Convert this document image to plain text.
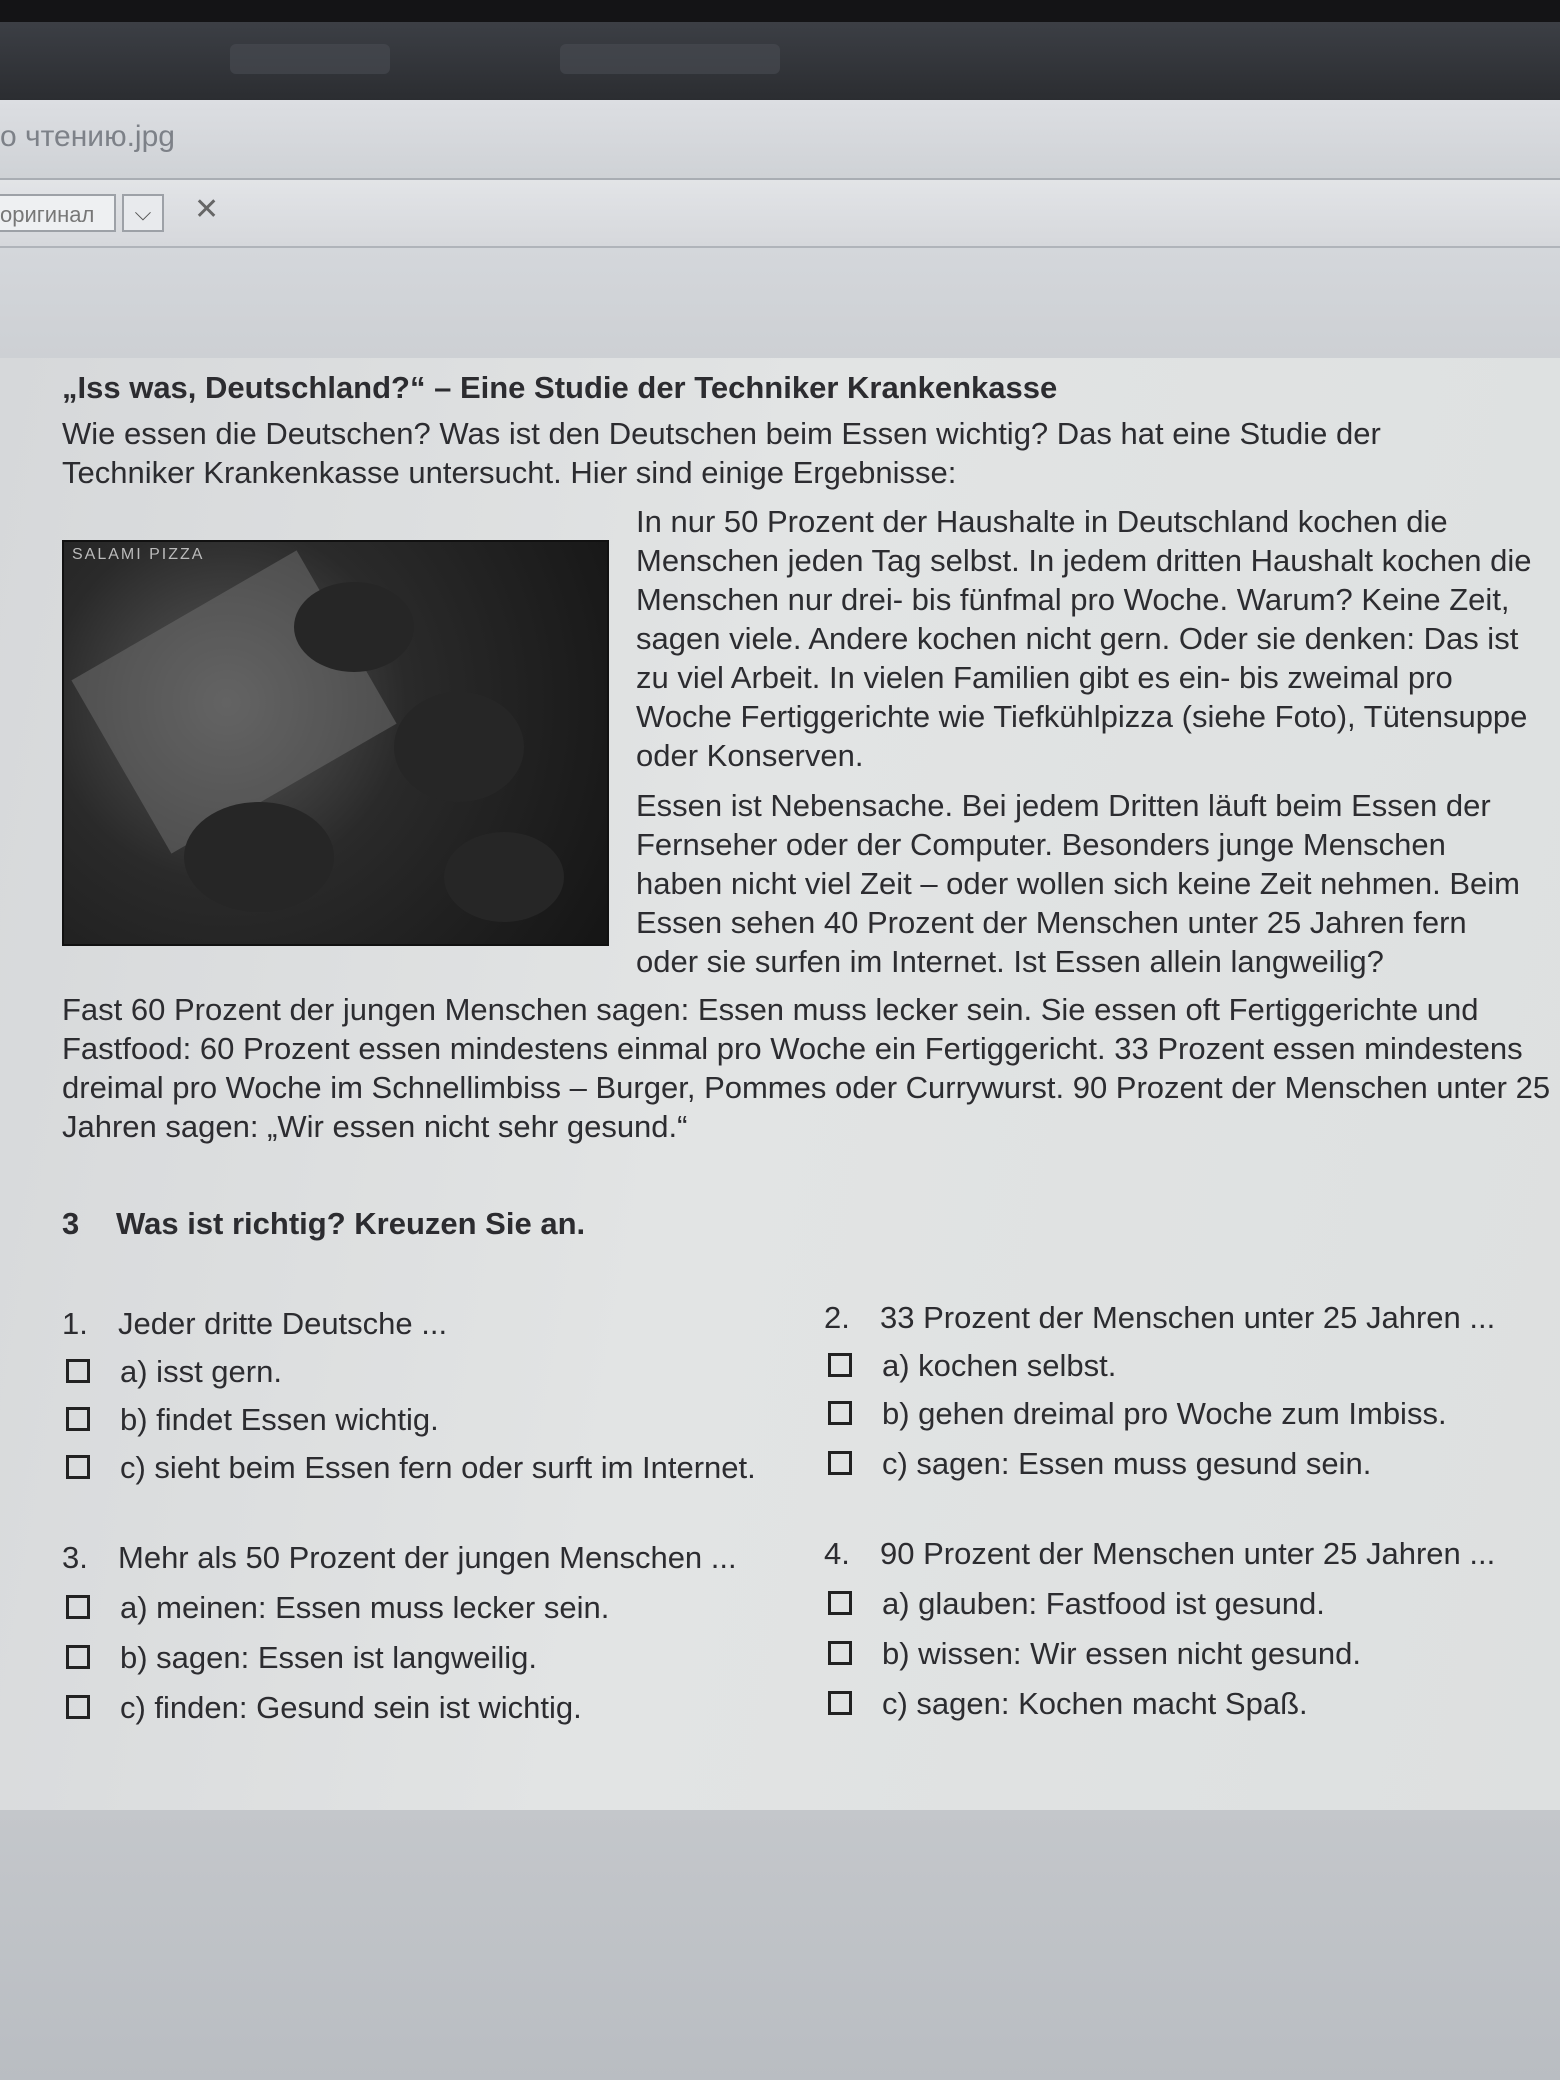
о чтению.jpg
оригинал	⌵	✕
„Iss was, Deutschland?“ – Eine Studie der Techniker Krankenkasse
Wie essen die Deutschen? Was ist den Deutschen beim Essen wichtig? Das hat eine Studie der Techniker Krankenkasse untersucht. Hier sind einige Ergebnisse:
SALAMI PIZZA
In nur 50 Prozent der Haushalte in Deutschland kochen die Menschen jeden Tag selbst. In jedem dritten Haushalt kochen die Menschen nur drei- bis fünfmal pro Woche. Warum? Keine Zeit, sagen viele. Andere kochen nicht gern. Oder sie denken: Das ist zu viel Arbeit. In vielen Familien gibt es ein- bis zweimal pro Woche Fertiggerichte wie Tiefkühlpizza (siehe Foto), Tütensuppe oder Konserven.
Essen ist Nebensache. Bei jedem Dritten läuft beim Essen der Fernseher oder der Computer. Besonders junge Menschen haben nicht viel Zeit – oder wollen sich keine Zeit nehmen. Beim Essen sehen 40 Prozent der Menschen unter 25 Jahren fern oder sie surfen im Internet. Ist Essen allein langweilig?
Fast 60 Prozent der jungen Menschen sagen: Essen muss lecker sein. Sie essen oft Fertiggerichte und Fastfood: 60 Prozent essen mindestens einmal pro Woche ein Fertiggericht. 33 Prozent essen mindestens dreimal pro Woche im Schnellimbiss – Burger, Pommes oder Currywurst. 90 Prozent der Menschen unter 25 Jahren sagen: „Wir essen nicht sehr gesund.“
3 Was ist richtig? Kreuzen Sie an.
1. Jeder dritte Deutsche ...
a) isst gern.
b) findet Essen wichtig.
c) sieht beim Essen fern oder surft im Internet.
2. 33 Prozent der Menschen unter 25 Jahren ...
a) kochen selbst.
b) gehen dreimal pro Woche zum Imbiss.
c) sagen: Essen muss gesund sein.
3. Mehr als 50 Prozent der jungen Menschen ...
a) meinen: Essen muss lecker sein.
b) sagen: Essen ist langweilig.
c) finden: Gesund sein ist wichtig.
4. 90 Prozent der Menschen unter 25 Jahren ...
a) glauben: Fastfood ist gesund.
b) wissen: Wir essen nicht gesund.
c) sagen: Kochen macht Spaß.
